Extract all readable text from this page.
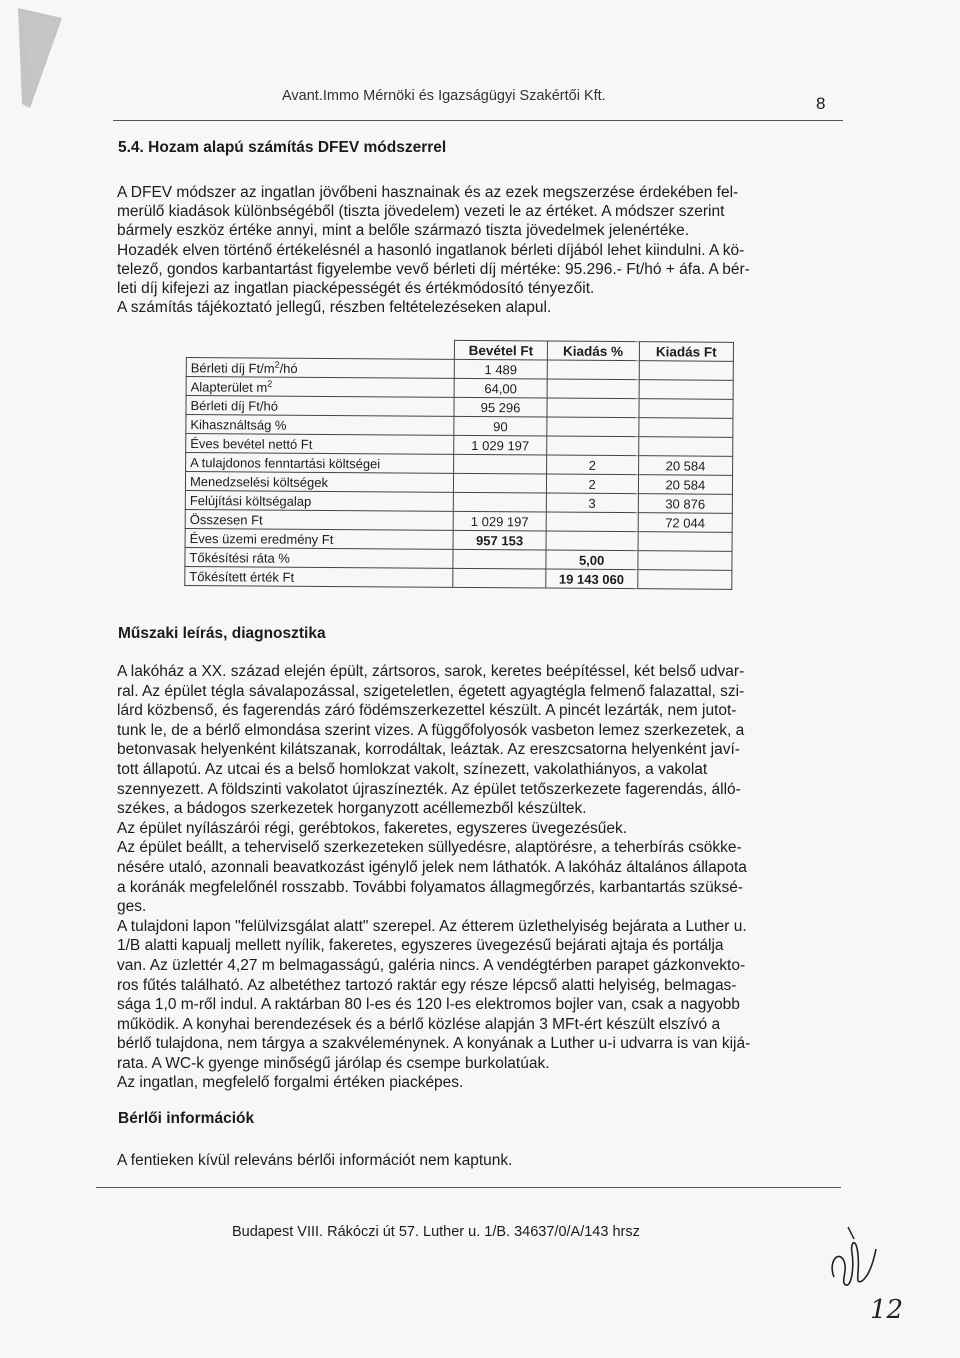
Avant.Immo Mérnöki és Igazságügyi Szakértői Kft.	8
5.4. Hozam alapú számítás DFEV módszerrel
A DFEV módszer az ingatlan jövőbeni hasznainak és az ezek megszerzése érdekében fel-
merülő kiadások különbségéből (tiszta jövedelem) vezeti le az értéket. A módszer szerint
bármely eszköz értéke annyi, mint a belőle származó tiszta jövedelmek jelenértéke.
Hozadék elven történő értékelésnél a hasonló ingatlanok bérleti díjából lehet kiindulni. A kö-
telező, gondos karbantartást figyelembe vevő bérleti díj mértéke: 95.296.- Ft/hó + áfa. A bér-
leti díj kifejezi az ingatlan piacképességét és értékmódosító tényezőit.
A számítás tájékoztató jellegű, részben feltételezéseken alapul.
	Bevétel Ft	Kiadás %	Kiadás Ft
Bérleti díj $Ft/m^2/hó$	1 489		
Alapterület $m^2$	64,00		
Bérleti díj Ft/hó	95 296		
Kihasználtság %	90		
Éves bevétel nettó Ft	1 029 197		
A tulajdonos fenntartási költségei		2	20 584
Menedzselési költségek		2	20 584
Felújítási költségalap		3	30 876
Összesen Ft	1 029 197		72 044
Éves üzemi eredmény Ft	957 153		
Tőkésítési ráta %		5,00	
Tőkésített érték Ft		19 143 060	
Műszaki leírás, diagnosztika
A lakóház a XX. század elején épült, zártsoros, sarok, keretes beépítéssel, két belső udvar-
ral. Az épület tégla sávalapozással, szigeteletlen, égetett agyagtégla felmenő falazattal, szi-
lárd közbenső, és fagerendás záró födémszerkezettel készült. A pincét lezárták, nem jutot-
tunk le, de a bérlő elmondása szerint vizes. A függőfolyosók vasbeton lemez szerkezetek, a
betonvasak helyenként kilátszanak, korrodáltak, leáztak. Az ereszcsatorna helyenként javí-
tott állapotú. Az utcai és a belső homlokzat vakolt, színezett, vakolathiányos, a vakolat
szennyezett. A földszinti vakolatot újraszínezték. Az épület tetőszerkezete fagerendás, álló-
székes, a bádogos szerkezetek horganyzott acéllemezből készültek.
Az épület nyílászárói régi, gerébtokos, fakeretes, egyszeres üvegezésűek.
Az épület beállt, a teherviselő szerkezeteken süllyedésre, alaptörésre, a teherbírás csökke-
nésére utaló, azonnali beavatkozást igénylő jelek nem láthatók. A lakóház általános állapota
a koránák megfelelőnél rosszabb. További folyamatos állagmegőrzés, karbantartás szüksé-
ges.
A tulajdoni lapon "felülvizsgálat alatt" szerepel. Az étterem üzlethelyiség bejárata a Luther u.
1/B alatti kapualj mellett nyílik, fakeretes, egyszeres üvegezésű bejárati ajtaja és portálja
van. Az üzlettér 4,27 m belmagasságú, galéria nincs. A vendégtérben parapet gázkonvekto-
ros fűtés található. Az albetéthez tartozó raktár egy része lépcső alatti helyiség, belmagas-
sága 1,0 m-ről indul. A raktárban 80 l-es és 120 l-es elektromos bojler van, csak a nagyobb
működik. A konyhai berendezések és a bérlő közlése alapján 3 MFt-ért készült elszívó a
bérlő tulajdona, nem tárgya a szakvéleménynek. A konyának a Luther u-i udvarra is van kijá-
rata. A WC-k gyenge minőségű járólap és csempe burkolatúak.
Az ingatlan, megfelelő forgalmi értéken piacképes.
Bérlői információk
A fentieken kívül releváns bérlői információt nem kaptunk.
Budapest VIII. Rákóczi út 57. Luther u. 1/B. 34637/0/A/143 hrsz
12
